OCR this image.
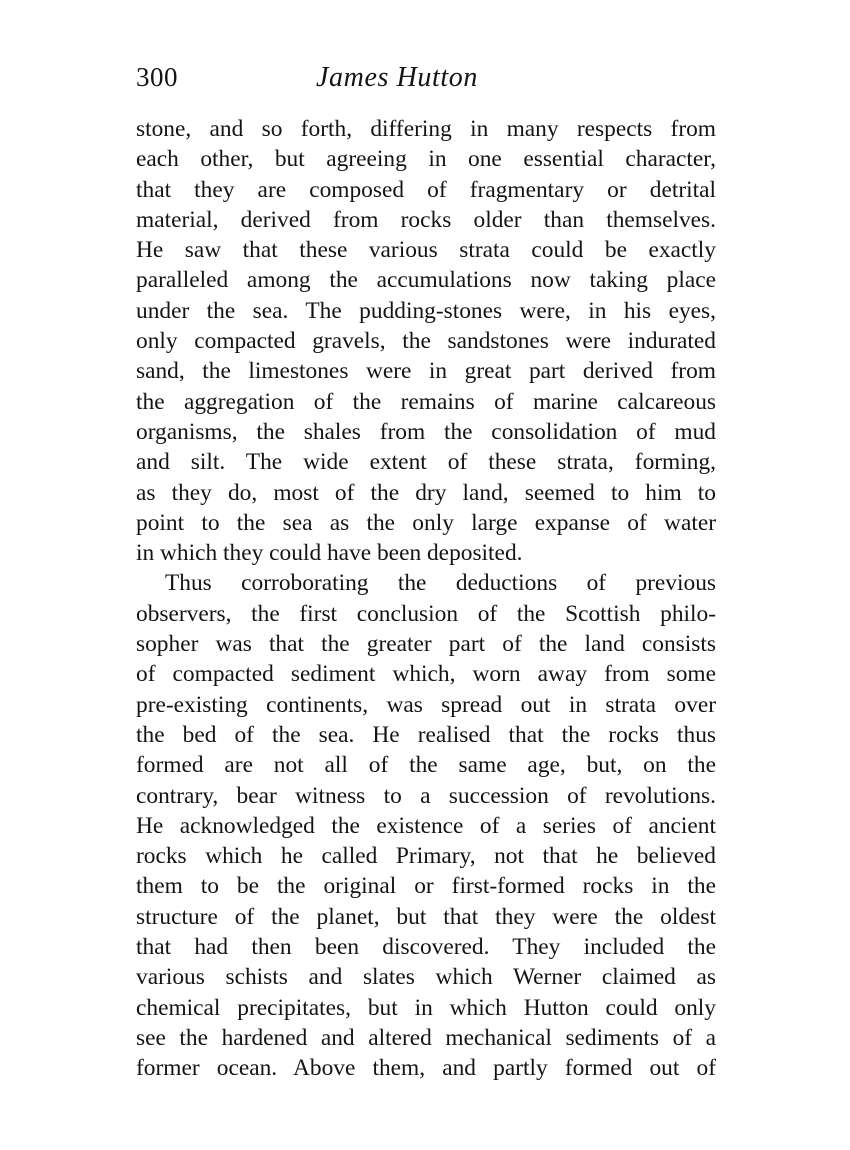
300	James Hutton
stone, and so forth, differing in many respects from
each other, but agreeing in one essential character,
that they are composed of fragmentary or detrital
material, derived from rocks older than themselves.
He saw that these various strata could be exactly
paralleled among the accumulations now taking place
under the sea. The pudding-stones were, in his eyes,
only compacted gravels, the sandstones were indurated
sand, the limestones were in great part derived from
the aggregation of the remains of marine calcareous
organisms, the shales from the consolidation of mud
and silt. The wide extent of these strata, forming,
as they do, most of the dry land, seemed to him to
point to the sea as the only large expanse of water
in which they could have been deposited.
Thus corroborating the deductions of previous
observers, the first conclusion of the Scottish philo-
sopher was that the greater part of the land consists
of compacted sediment which, worn away from some
pre-existing continents, was spread out in strata over
the bed of the sea. He realised that the rocks thus
formed are not all of the same age, but, on the
contrary, bear witness to a succession of revolutions.
He acknowledged the existence of a series of ancient
rocks which he called Primary, not that he believed
them to be the original or first-formed rocks in the
structure of the planet, but that they were the oldest
that had then been discovered. They included the
various schists and slates which Werner claimed as
chemical precipitates, but in which Hutton could only
see the hardened and altered mechanical sediments of a
former ocean. Above them, and partly formed out of
